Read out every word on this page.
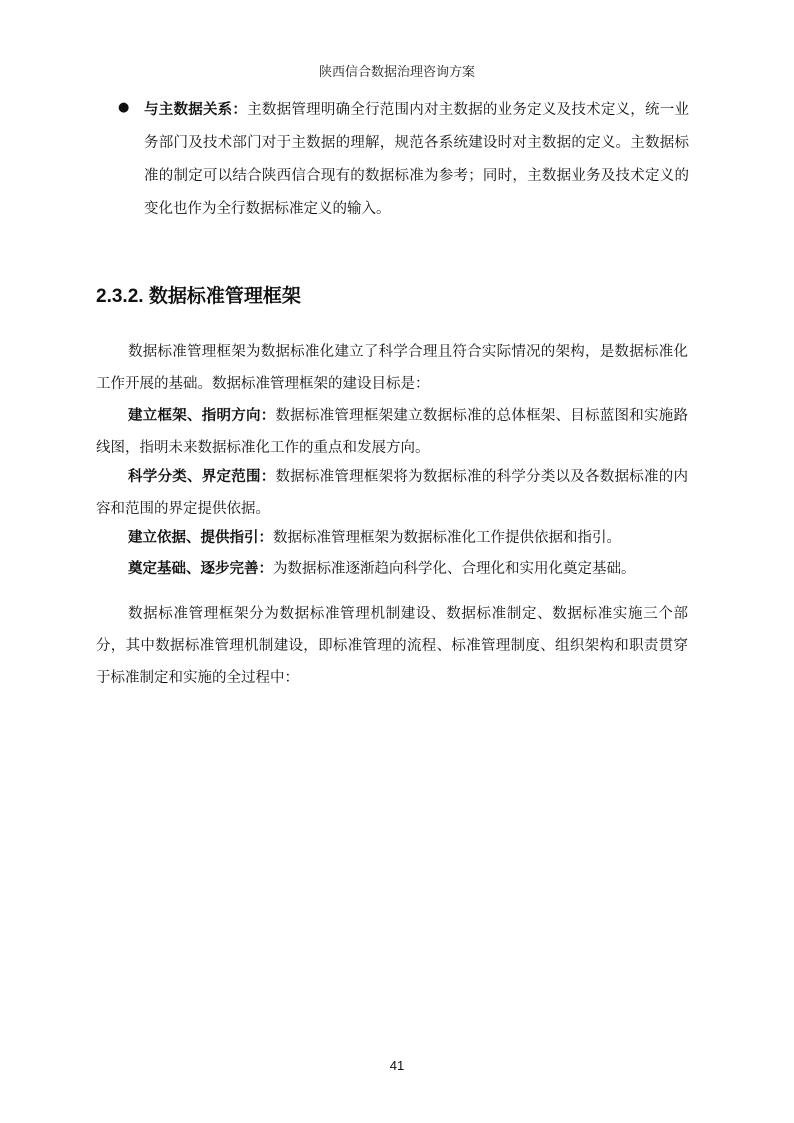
陕西信合数据治理咨询方案
● 与主数据关系：主数据管理明确全行范围内对主数据的业务定义及技术定义，统一业务部门及技术部门对于主数据的理解，规范各系统建设时对主数据的定义。主数据标准的制定可以结合陕西信合现有的数据标准为参考；同时，主数据业务及技术定义的变化也作为全行数据标准定义的输入。
2.3.2. 数据标准管理框架
数据标准管理框架为数据标准化建立了科学合理且符合实际情况的架构，是数据标准化工作开展的基础。数据标准管理框架的建设目标是：
建立框架、指明方向：数据标准管理框架建立数据标准的总体框架、目标蓝图和实施路线图，指明未来数据标准化工作的重点和发展方向。
科学分类、界定范围：数据标准管理框架将为数据标准的科学分类以及各数据标准的内容和范围的界定提供依据。
建立依据、提供指引：数据标准管理框架为数据标准化工作提供依据和指引。
奠定基础、逐步完善：为数据标准逐渐趋向科学化、合理化和实用化奠定基础。
数据标准管理框架分为数据标准管理机制建设、数据标准制定、数据标准实施三个部分，其中数据标准管理机制建设，即标准管理的流程、标准管理制度、组织架构和职责贯穿于标准制定和实施的全过程中：
41
